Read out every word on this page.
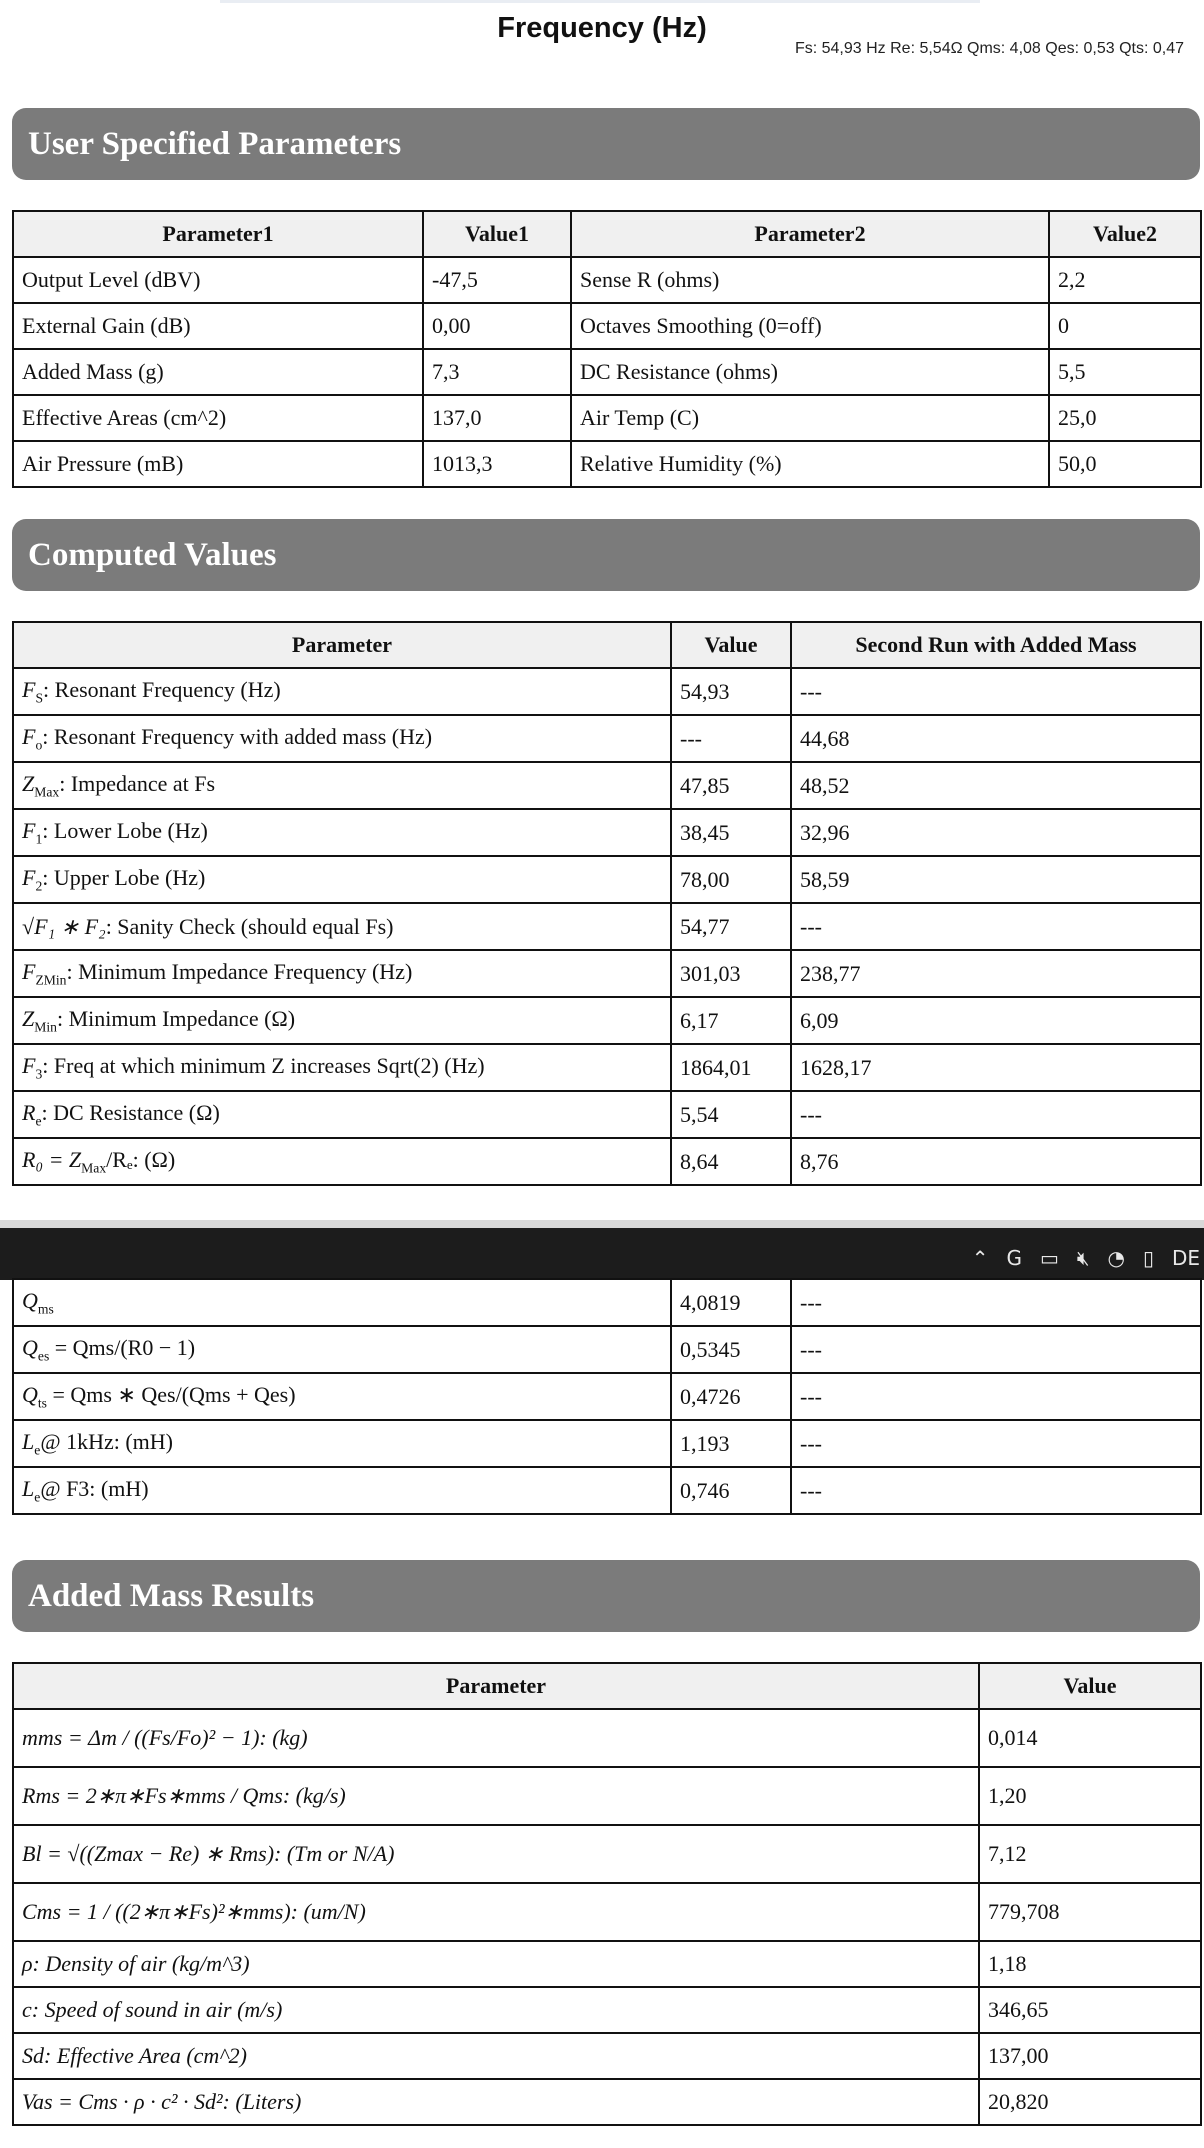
Frequency (Hz)
Fs: 54,93 Hz Re: 5,54Ω Qms: 4,08 Qes: 0,53 Qts: 0,47
User Specified Parameters
Parameter1	Value1	Parameter2	Value2
Output Level (dBV)	-47,5	Sense R (ohms)	2,2
External Gain (dB)	0,00	Octaves Smoothing (0=off)	0
Added Mass (g)	7,3	DC Resistance (ohms)	5,5
Effective Areas (cm^2)	137,0	Air Temp (C)	25,0
Air Pressure (mB)	1013,3	Relative Humidity (%)	50,0
Computed Values
Parameter	Value	Second Run with Added Mass
$F_S$: Resonant Frequency (Hz)	54,93	---
$F_o$: Resonant Frequency with added mass (Hz)	---	44,68
$Z_{Max}$: Impedance at Fs	47,85	48,52
$F_1$: Lower Lobe (Hz)	38,45	32,96
$F_2$: Upper Lobe (Hz)	78,00	58,59
√F₁ ∗ F₂: Sanity Check (should equal Fs)	54,77	---
$F_{ZMin}$: Minimum Impedance Frequency (Hz)	301,03	238,77
$Z_{Min}$: Minimum Impedance (Ω)	6,17	6,09
$F_3$: Freq at which minimum Z increases Sqrt(2) (Hz)	1864,01	1628,17
$R_e$: DC Resistance (Ω)	5,54	---
$R_0 = Z_{Max}/R_e$: (Ω)	8,64	8,76
⌃ G ▭ 🔇︎ ◔ ▯ DE
$Q_{ms}$	4,0819	---
$Q_{es} = Qms/(R0 - 1)$	0,5345	---
$Q_{ts}$ = Qms ∗ Qes/(Qms + Qes)	0,4726	---
$L_e@$ 1kHz: (mH)	1,193	---
$L_e@$ F3: (mH)	0,746	---
Added Mass Results
Parameter	Value
mms = Δm / ((Fs/Fo)² − 1): (kg)	0,014
Rms = 2∗π∗Fs∗mms / Qms: (kg/s)	1,20
Bl = √((Zmax − Re) ∗ Rms): (Tm or N/A)	7,12
Cms = 1 / ((2∗π∗Fs)²∗mms): (um/N)	779,708
ρ: Density of air (kg/m^3)	1,18
c: Speed of sound in air (m/s)	346,65
Sd: Effective Area (cm^2)	137,00
Vas = Cms · ρ · c² · Sd²: (Liters)	20,820
